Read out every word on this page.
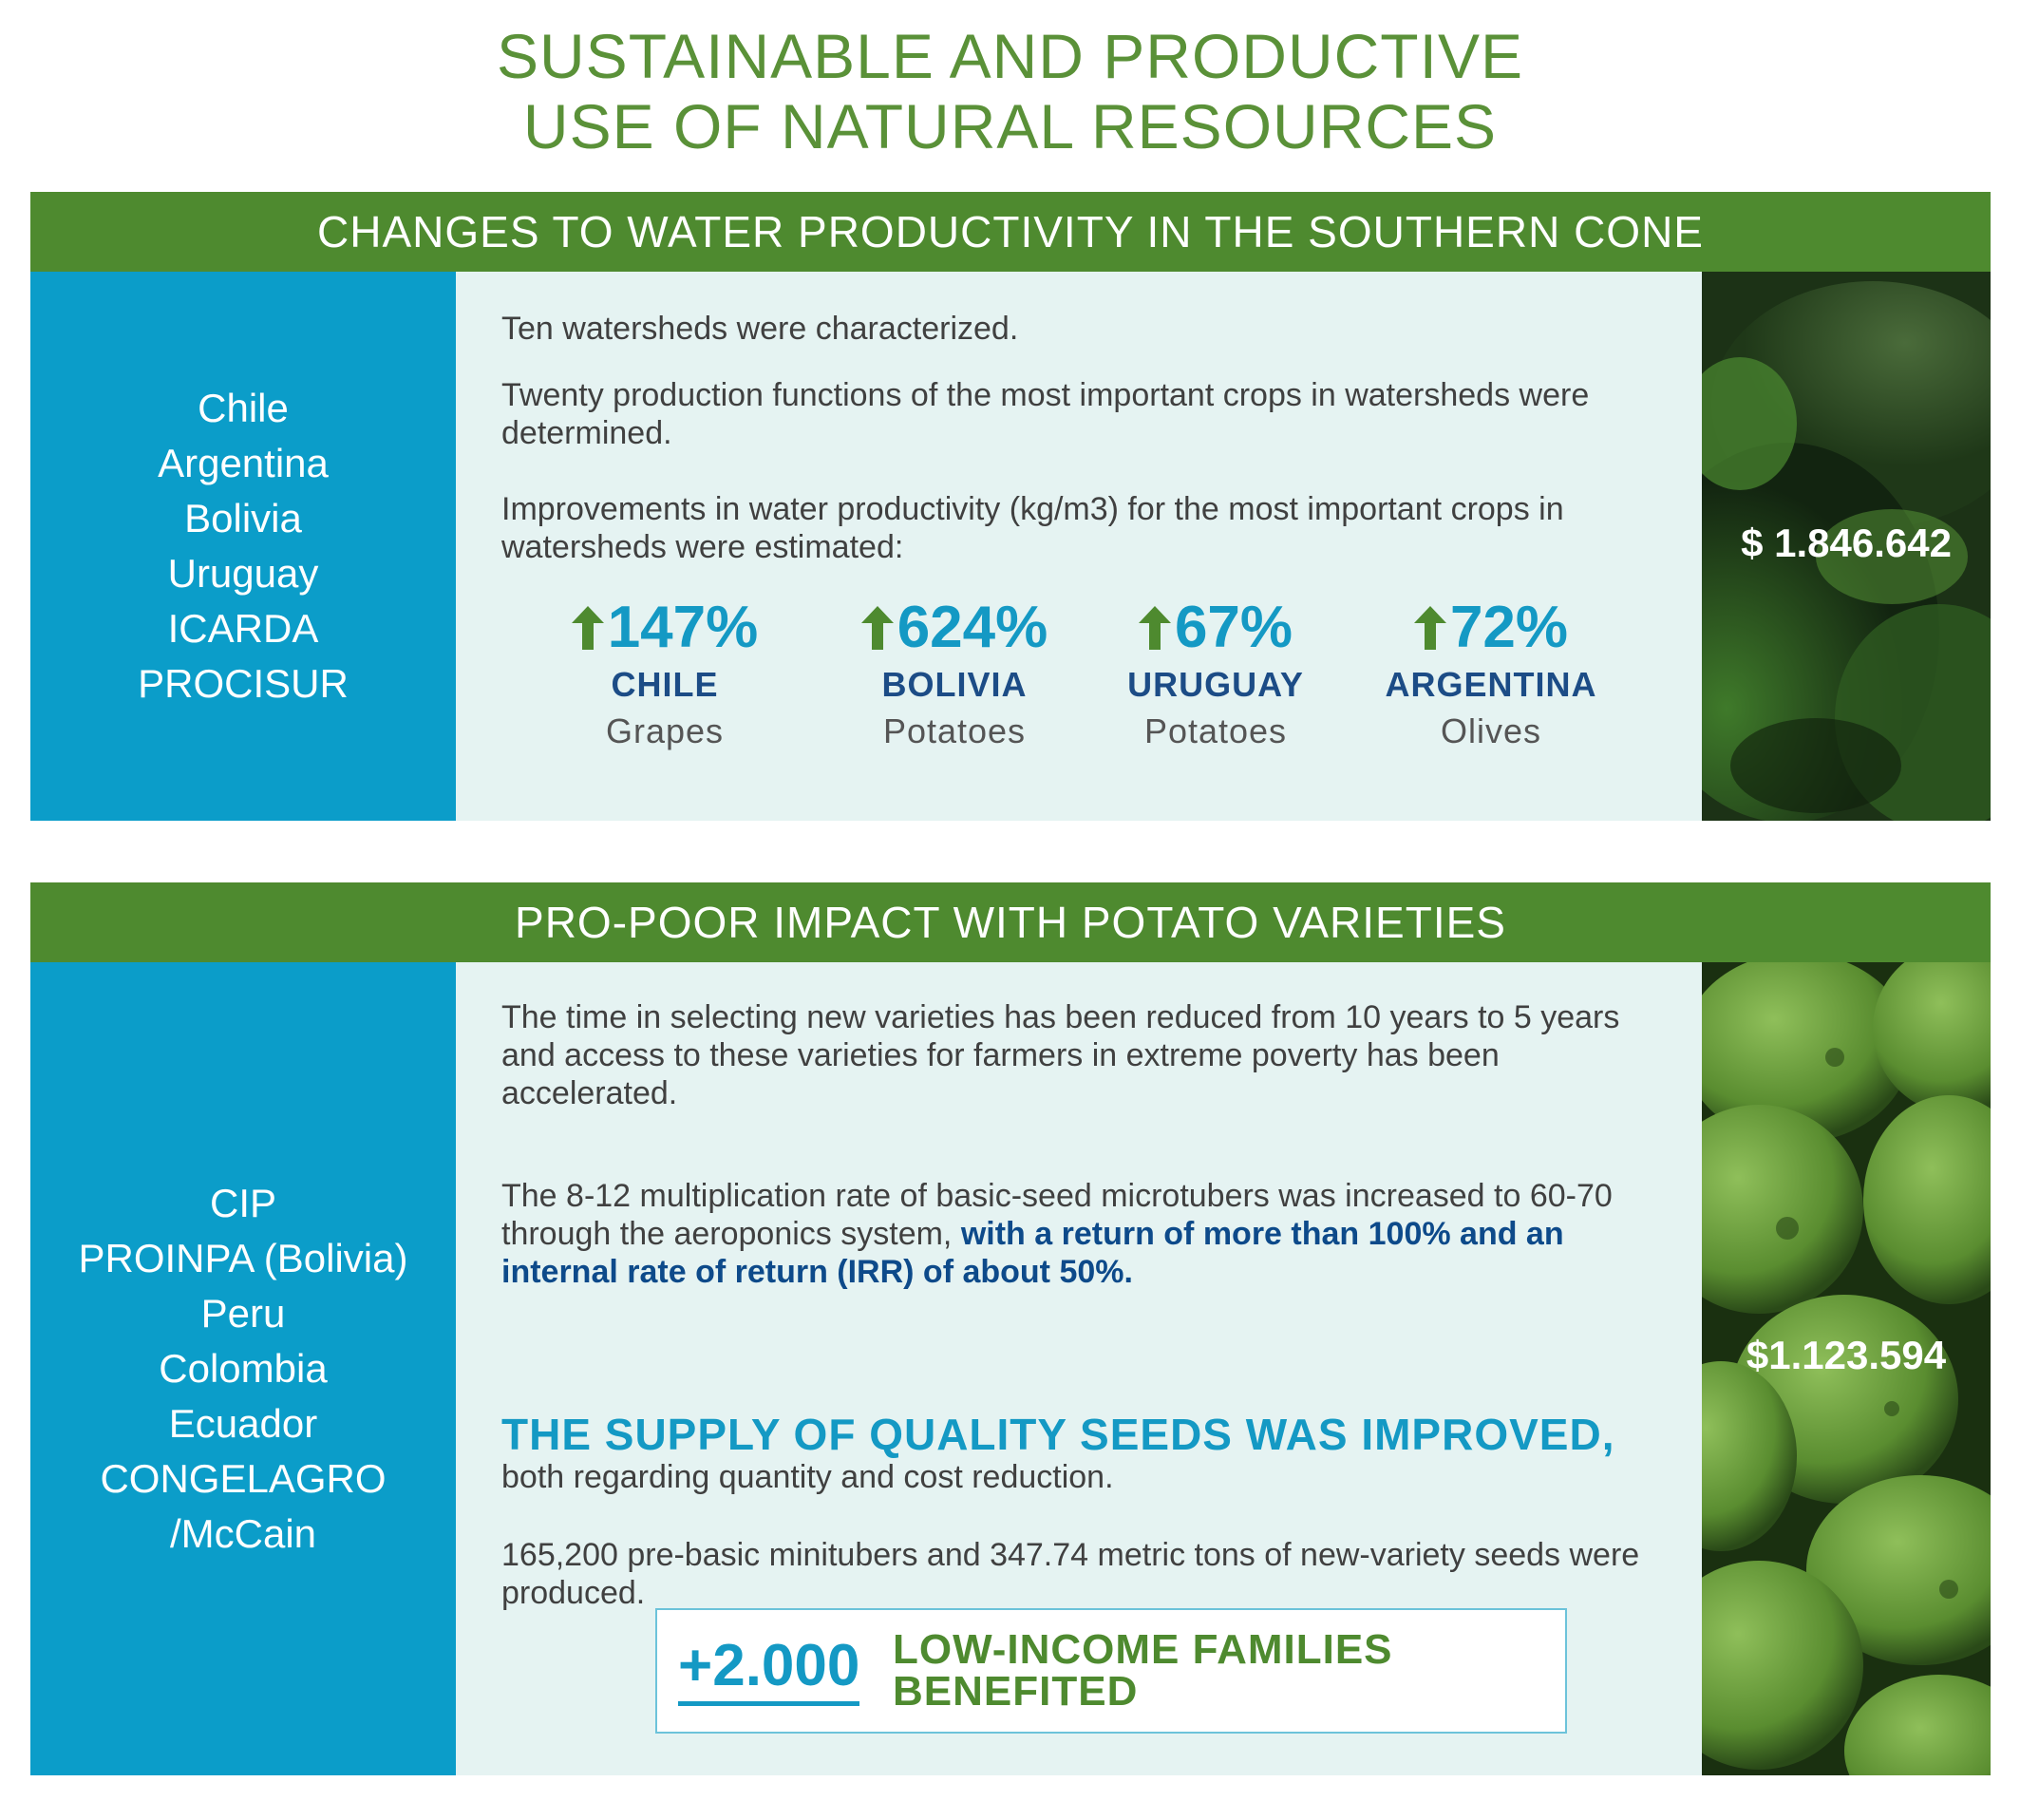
SUSTAINABLE AND PRODUCTIVE
USE OF NATURAL RESOURCES
CHANGES TO WATER PRODUCTIVITY IN THE SOUTHERN CONE
Chile
Argentina
Bolivia
Uruguay
ICARDA
PROCISUR
Ten watersheds were characterized.
Twenty production functions of the most important crops in watersheds were determined.
Improvements in water productivity (kg/m3) for the most important crops in watersheds were estimated:
147%
CHILE
Grapes
624%
BOLIVIA
Potatoes
67%
URUGUAY
Potatoes
72%
ARGENTINA
Olives
$ 1.846.642
PRO-POOR IMPACT WITH POTATO VARIETIES
CIP
PROINPA (Bolivia)
Peru
Colombia
Ecuador
CONGELAGRO
/McCain
The time in selecting new varieties has been reduced from 10 years to 5 years and access to these varieties for farmers in extreme poverty has been accelerated.
The 8-12 multiplication rate of basic-seed microtubers was increased to 60-70 through the aeroponics system, with a return of more than 100% and an internal rate of return (IRR) of about 50%.
THE SUPPLY OF QUALITY SEEDS WAS IMPROVED,
both regarding quantity and cost reduction.
165,200 pre-basic minitubers and 347.74 metric tons of new-variety seeds were produced.
+2.000 LOW-INCOME FAMILIES
BENEFITED
$1.123.594
